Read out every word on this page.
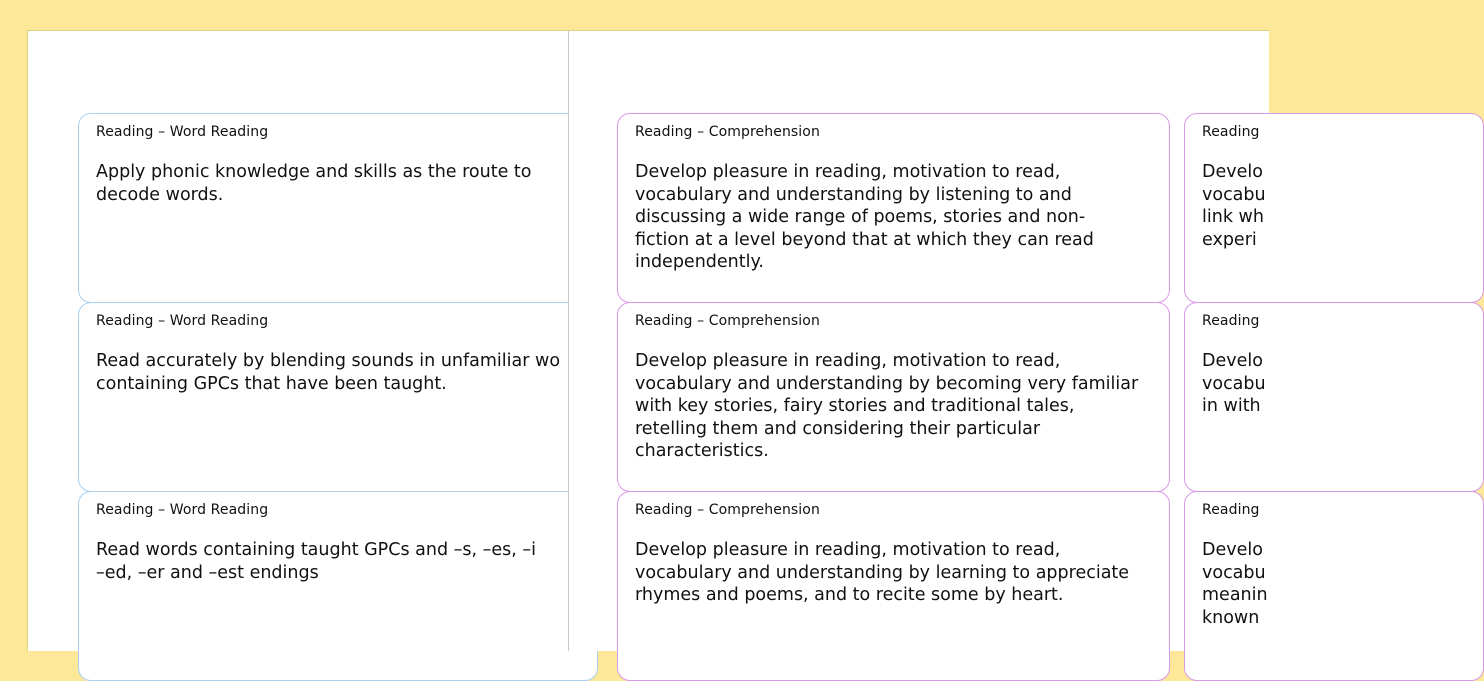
Reading – Word Reading
Apply phonic knowledge and skills as the route to
decode words.
Reading – Word Reading
Read accurately by blending sounds in unfamiliar wo
containing GPCs that have been taught.
Reading – Word Reading
Read words containing taught GPCs and –s, –es, –i
–ed, –er and –est endings
Reading – Comprehension
Develop pleasure in reading, motivation to read,
vocabulary and understanding by listening to and
discussing a wide range of poems, stories and non-
fiction at a level beyond that at which they can read
independently.
Reading – Comprehension
Develop pleasure in reading, motivation to read,
vocabulary and understanding by becoming very familiar
with key stories, fairy stories and traditional tales,
retelling them and considering their particular
characteristics.
Reading – Comprehension
Develop pleasure in reading, motivation to read,
vocabulary and understanding by learning to appreciate
rhymes and poems, and to recite some by heart.
Reading
Develo
vocabu
link wh
experi
Reading
Develo
vocabu
in with
Reading
Develo
vocabu
meanin
known
